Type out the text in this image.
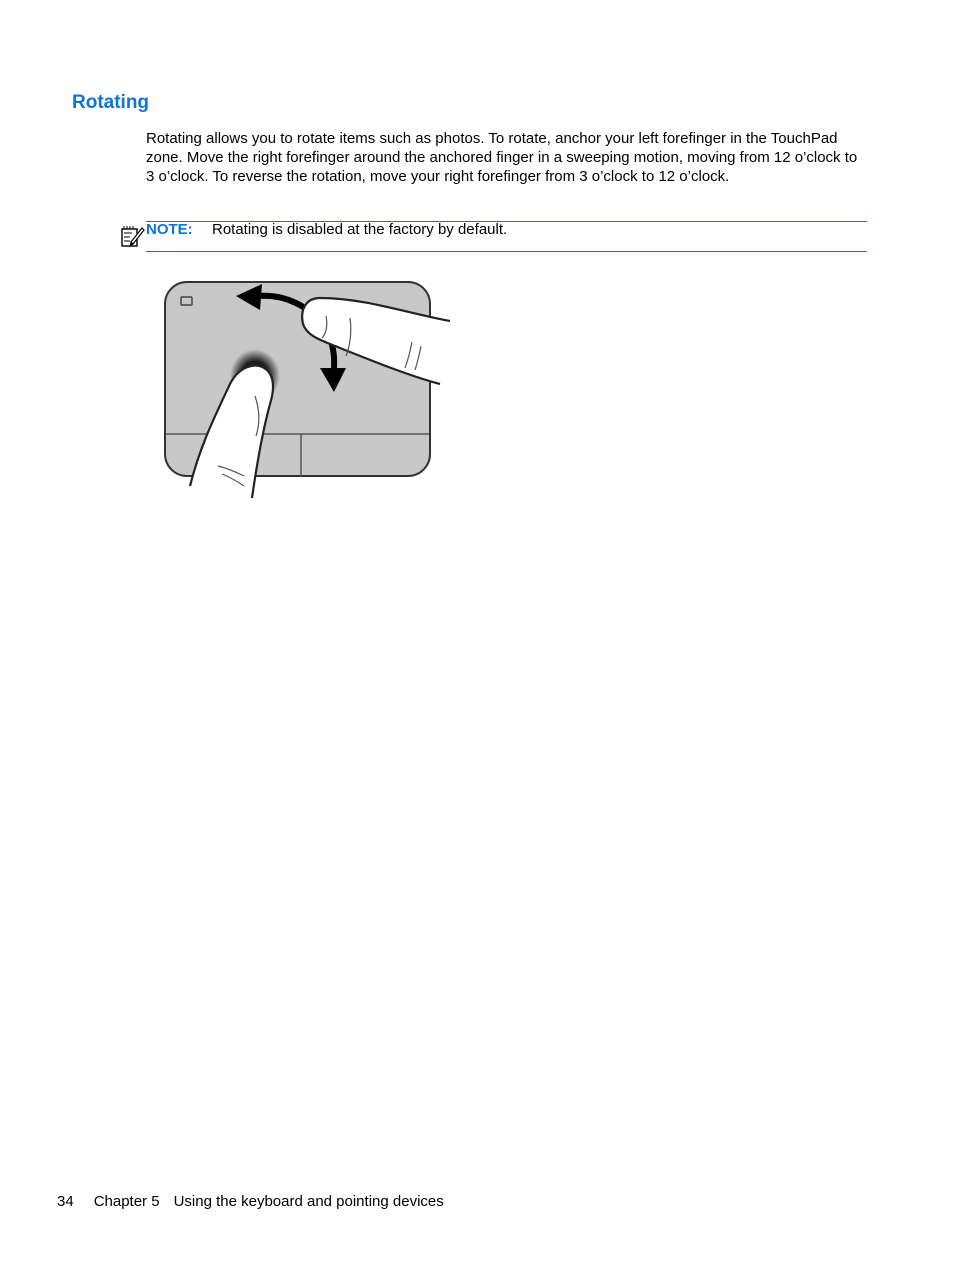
Rotating

Rotating allows you to rotate items such as photos. To rotate, anchor your left forefinger in the TouchPad zone. Move the right forefinger around the anchored finger in a sweeping motion, moving from 12 o’clock to 3 o’clock. To reverse the rotation, move your right forefinger from 3 o’clock to 12 o’clock.

NOTE: Rotating is disabled at the factory by default.
34 Chapter 5 Using the keyboard and pointing devices
